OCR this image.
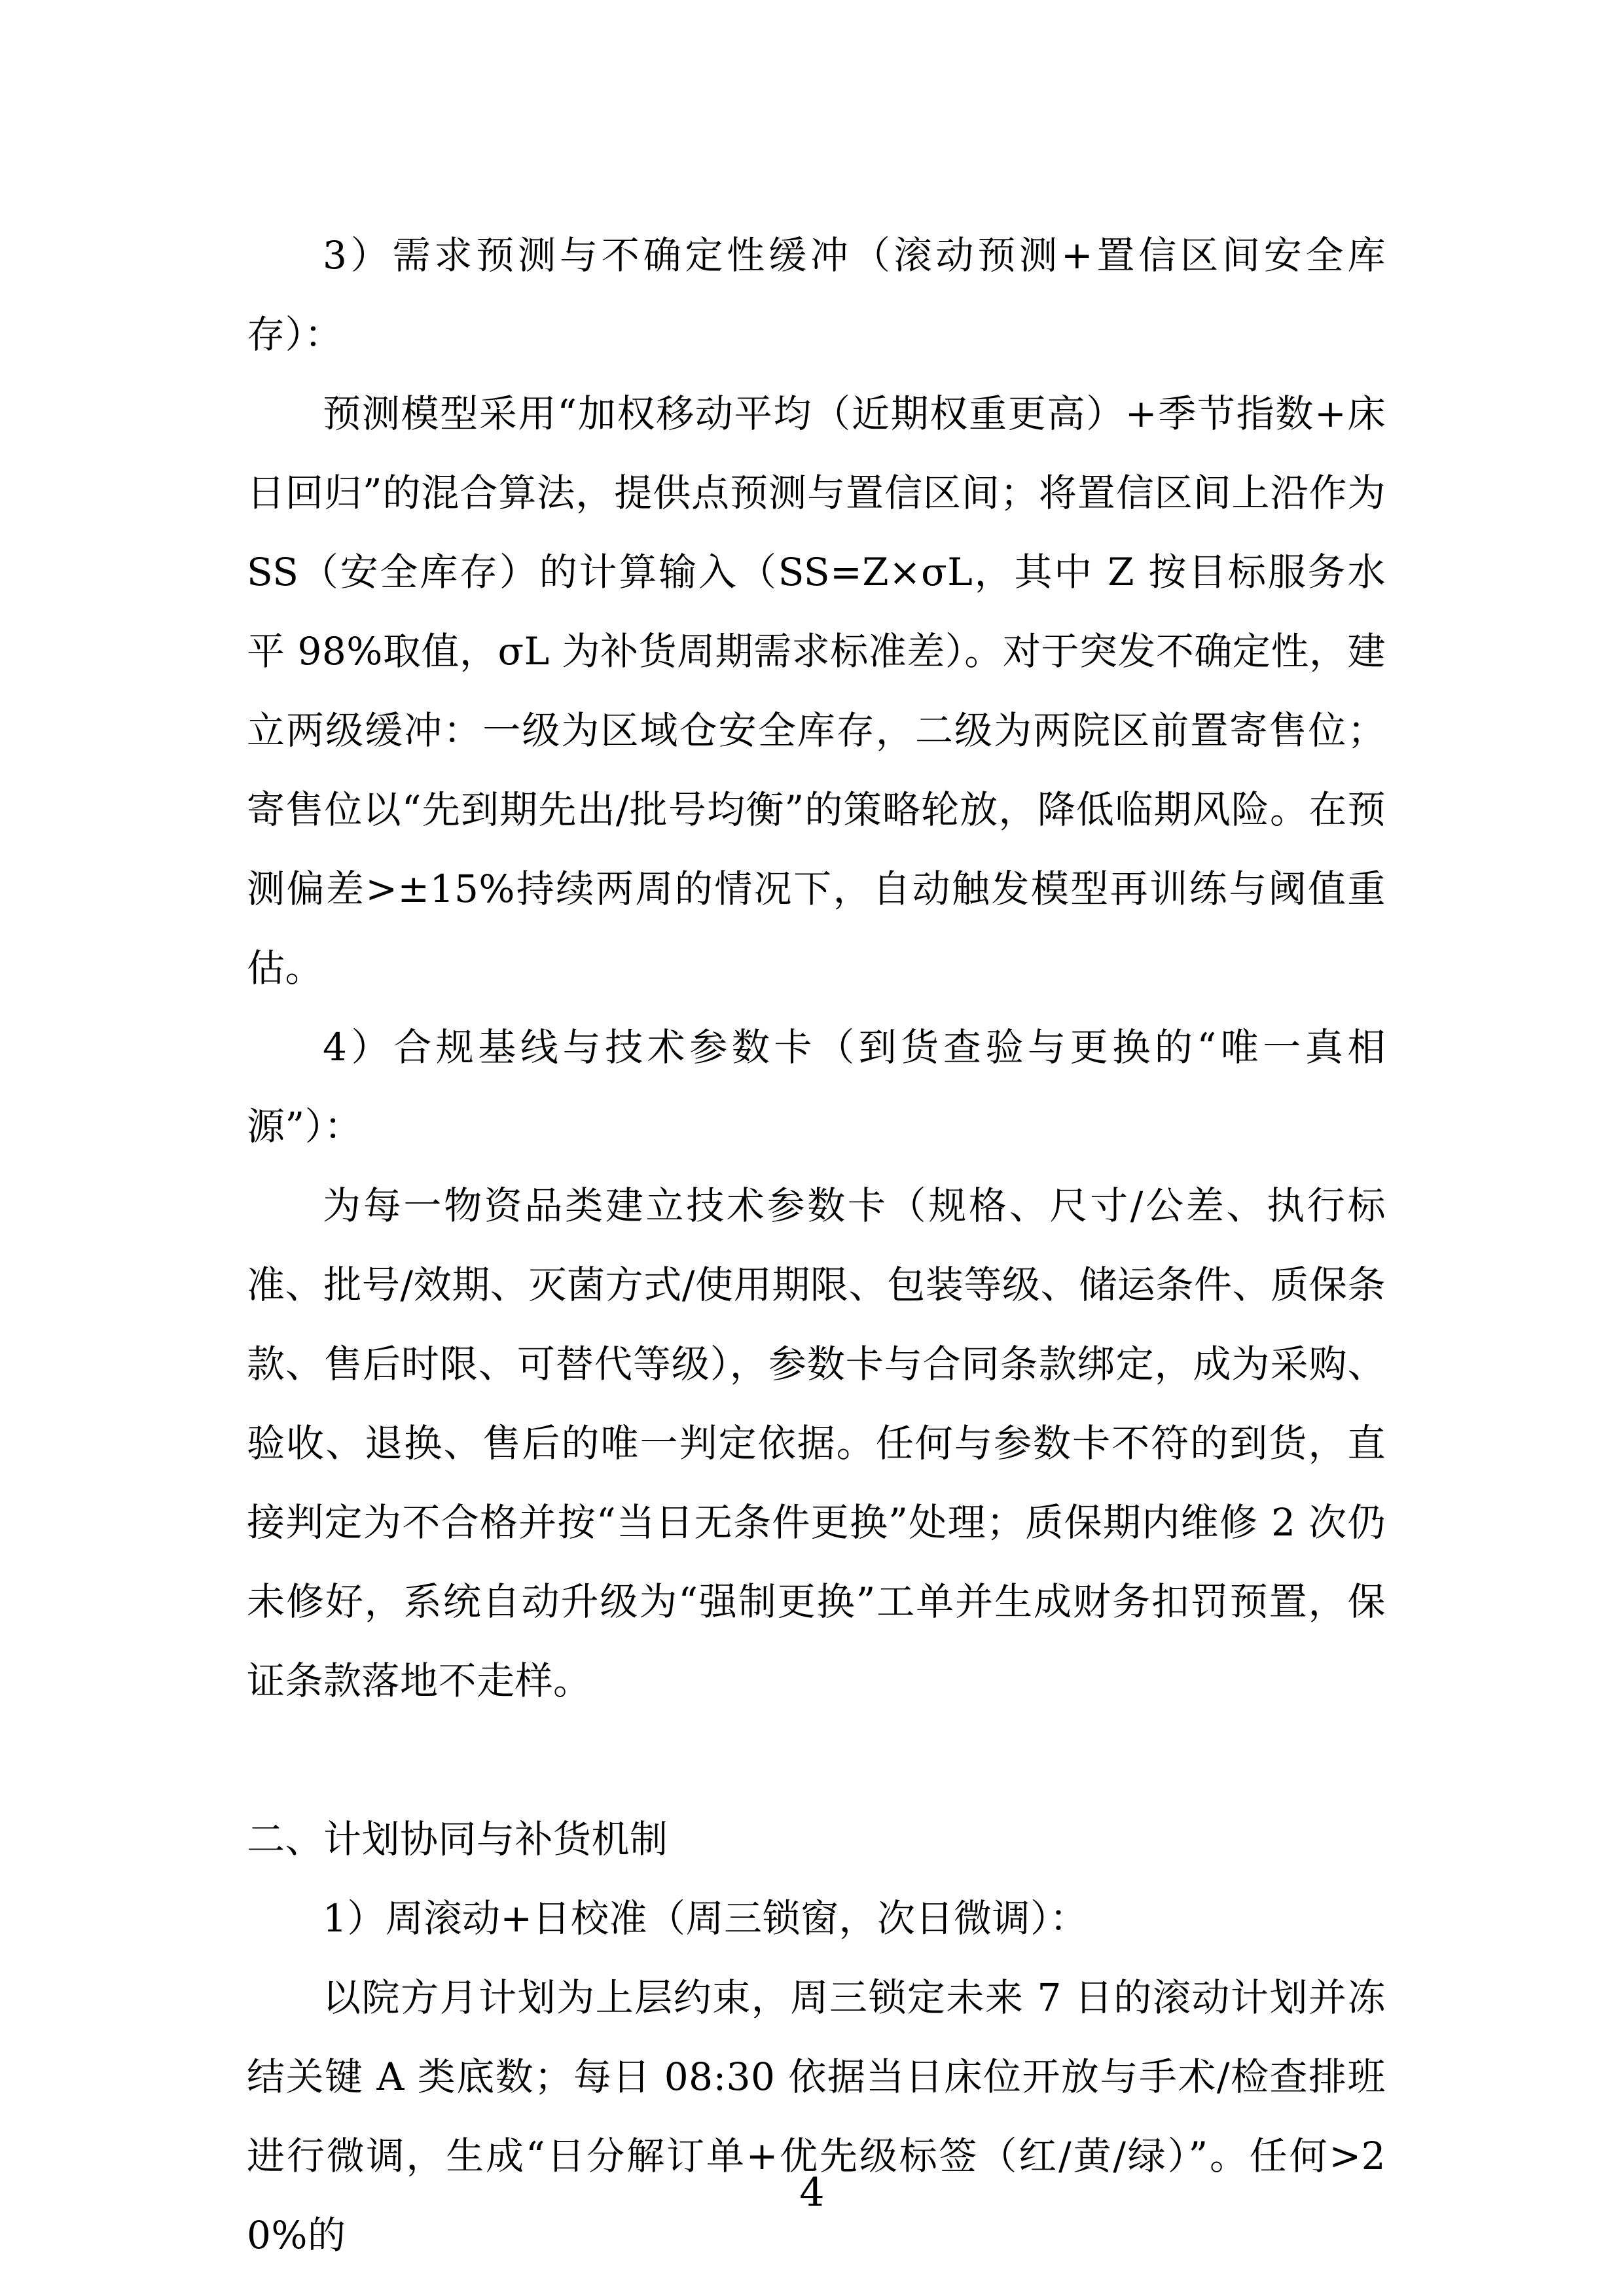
3）需求预测与不确定性缓冲（滚动预测+置信区间安全库存）：

预测模型采用“加权移动平均（近期权重更高）+季节指数+床日回归”的混合算法，提供点预测与置信区间；将置信区间上沿作为 SS（安全库存）的计算输入（SS=Z×σL，其中 Z 按目标服务水平 98%取值，σL 为补货周期需求标准差）。对于突发不确定性，建立两级缓冲：一级为区域仓安全库存，二级为两院区前置寄售位；寄售位以“先到期先出/批号均衡”的策略轮放，降低临期风险。在预测偏差>±15%持续两周的情况下，自动触发模型再训练与阈值重估。

4）合规基线与技术参数卡（到货查验与更换的“唯一真相源”）：

为每一物资品类建立技术参数卡（规格、尺寸/公差、执行标准、批号/效期、灭菌方式/使用期限、包装等级、储运条件、质保条款、售后时限、可替代等级），参数卡与合同条款绑定，成为采购、验收、退换、售后的唯一判定依据。任何与参数卡不符的到货，直接判定为不合格并按“当日无条件更换”处理；质保期内维修 2 次仍未修好，系统自动升级为“强制更换”工单并生成财务扣罚预置，保证条款落地不走样。

二、计划协同与补货机制

1）周滚动+日校准（周三锁窗，次日微调）：

以院方月计划为上层约束，周三锁定未来 7 日的滚动计划并冻结关键 A 类底数；每日 08:30 依据当日床位开放与手术/检查排班进行微调，生成“日分解订单+优先级标签（红/黄/绿）”。任何>20%的

4
